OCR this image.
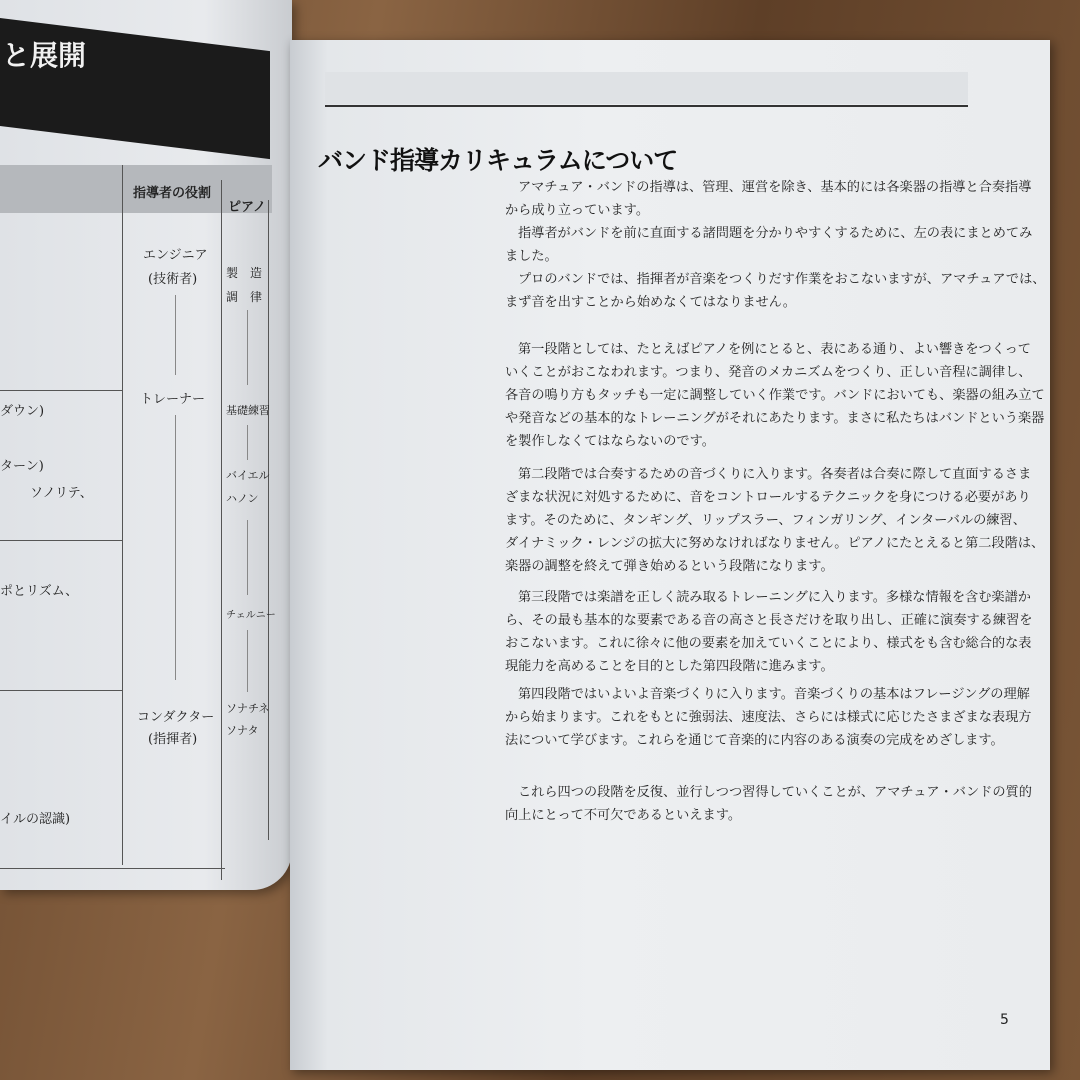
と展開
指導者の役割
ピアノ
ダウン)
ターン)
ソノリテ、
ポとリズム、
イルの認識)
エンジニア
(技術者)
トレーナー
コンダクター
(指揮者)
製　造
調　律
基礎練習
バイエル
ハノン
チェルニー
ソナチネ
ソナタ
バンド指導カリキュラムについて
アマチュア・バンドの指導は、管理、運営を除き、基本的には各楽器の指導と合奏指導
から成り立っています。
指導者がバンドを前に直面する諸問題を分かりやすくするために、左の表にまとめてみ
ました。
プロのバンドでは、指揮者が音楽をつくりだす作業をおこないますが、アマチュアでは、
まず音を出すことから始めなくてはなりません。
第一段階としては、たとえばピアノを例にとると、表にある通り、よい響きをつくって
いくことがおこなわれます。つまり、発音のメカニズムをつくり、正しい音程に調律し、
各音の鳴り方もタッチも一定に調整していく作業です。バンドにおいても、楽器の組み立て
や発音などの基本的なトレーニングがそれにあたります。まさに私たちはバンドという楽器
を製作しなくてはならないのです。
第二段階では合奏するための音づくりに入ります。各奏者は合奏に際して直面するさま
ざまな状況に対処するために、音をコントロールするテクニックを身につける必要があり
ます。そのために、タンギング、リップスラー、フィンガリング、インターバルの練習、
ダイナミック・レンジの拡大に努めなければなりません。ピアノにたとえると第二段階は、
楽器の調整を終えて弾き始めるという段階になります。
第三段階では楽譜を正しく読み取るトレーニングに入ります。多様な情報を含む楽譜か
ら、その最も基本的な要素である音の高さと長さだけを取り出し、正確に演奏する練習を
おこないます。これに徐々に他の要素を加えていくことにより、様式をも含む総合的な表
現能力を高めることを目的とした第四段階に進みます。
第四段階ではいよいよ音楽づくりに入ります。音楽づくりの基本はフレージングの理解
から始まります。これをもとに強弱法、速度法、さらには様式に応じたさまざまな表現方
法について学びます。これらを通じて音楽的に内容のある演奏の完成をめざします。
これら四つの段階を反復、並行しつつ習得していくことが、アマチュア・バンドの質的
向上にとって不可欠であるといえます。
5
